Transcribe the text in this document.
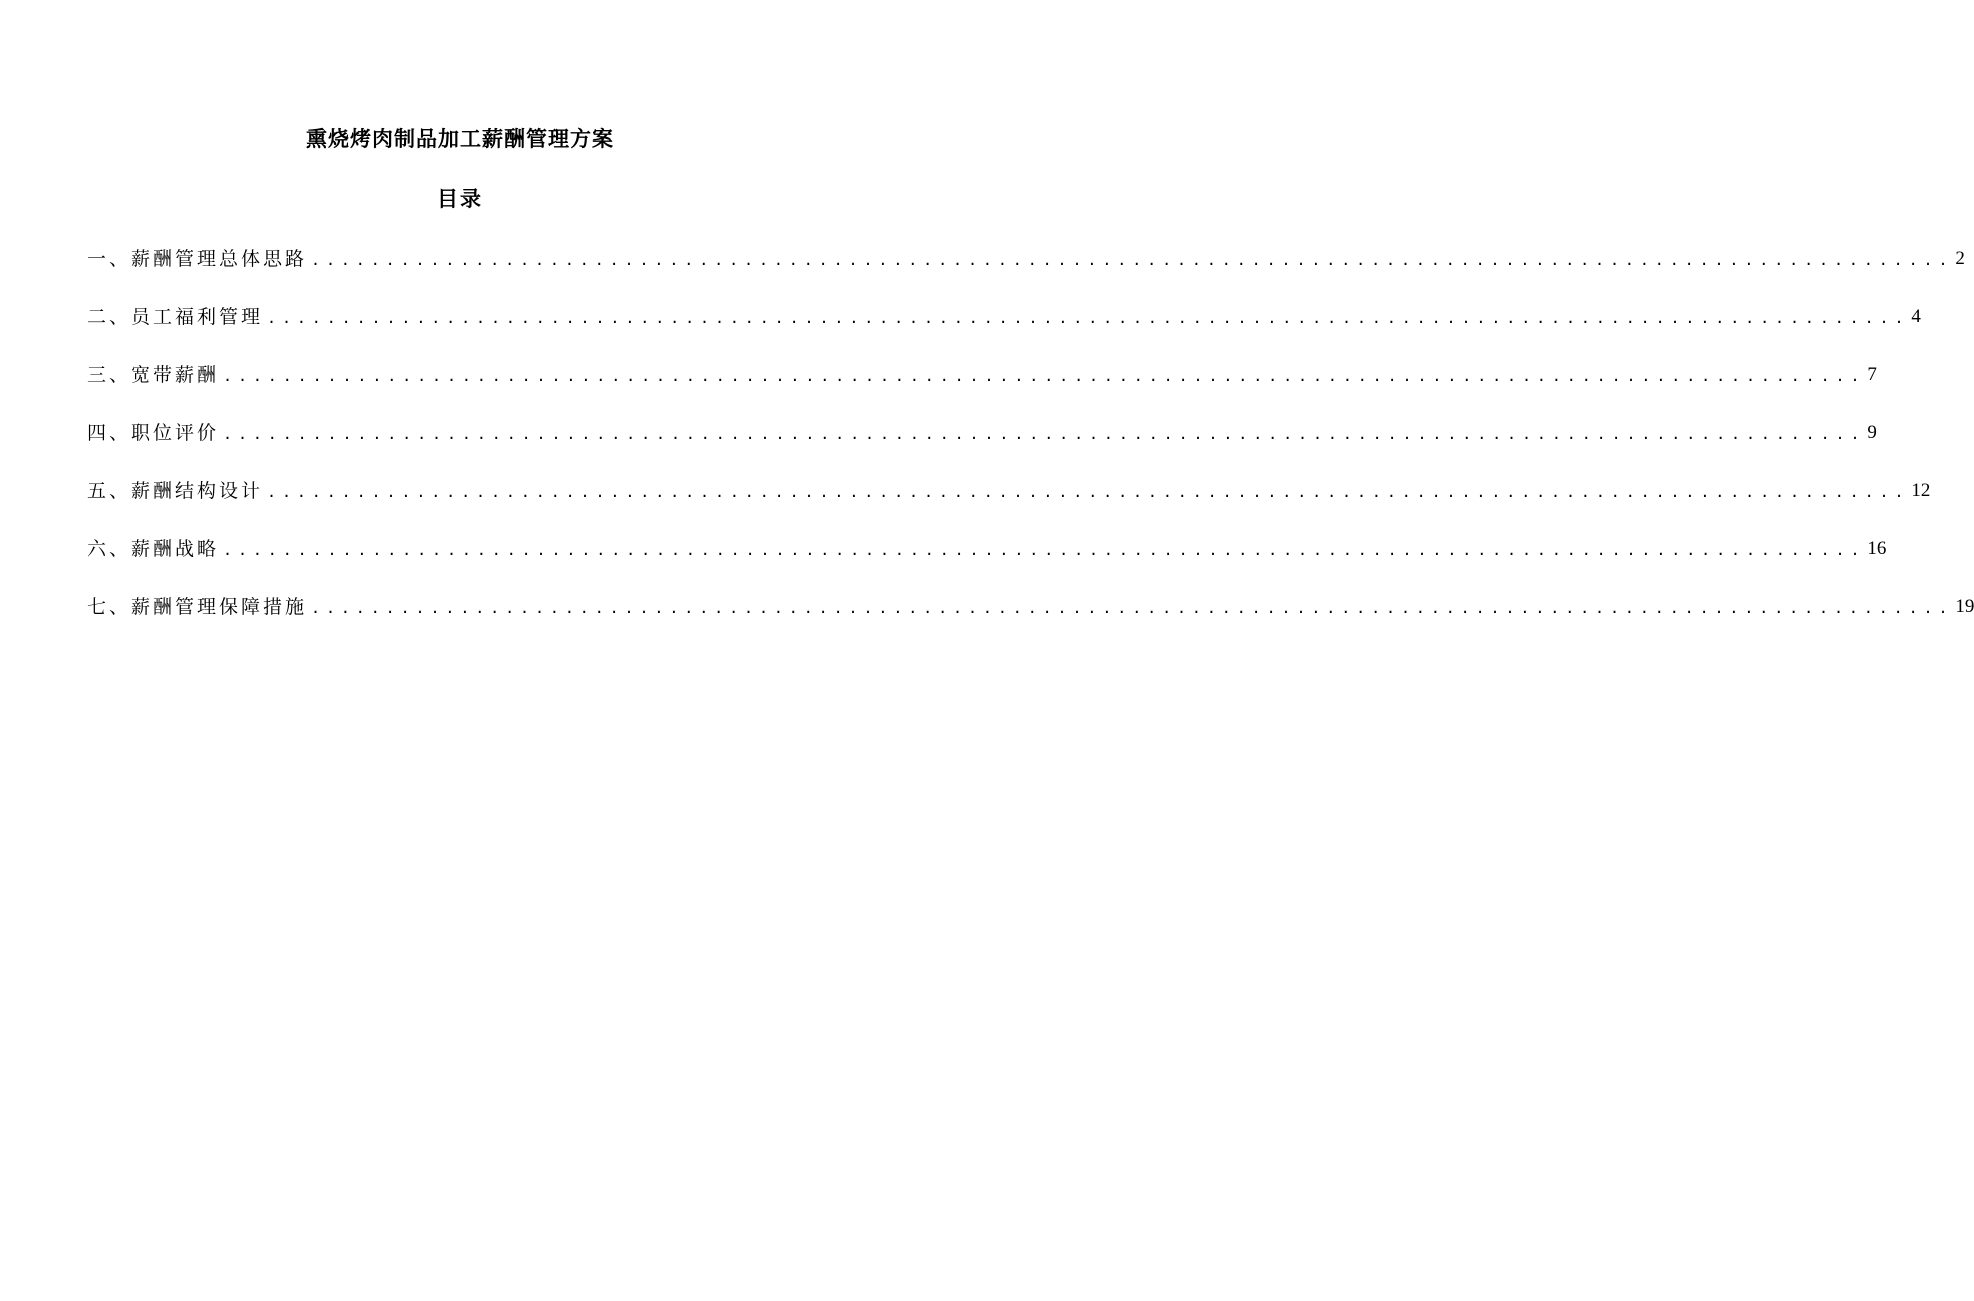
熏烧烤肉制品加工薪酬管理方案
目录
一、薪酬管理总体思路 .............................................................................................................. 2
二、员工福利管理 .............................................................................................................. 4
三、宽带薪酬 .............................................................................................................. 7
四、职位评价 .............................................................................................................. 9
五、薪酬结构设计 .............................................................................................................. 12
六、薪酬战略 .............................................................................................................. 16
七、薪酬管理保障措施 .............................................................................................................. 19
